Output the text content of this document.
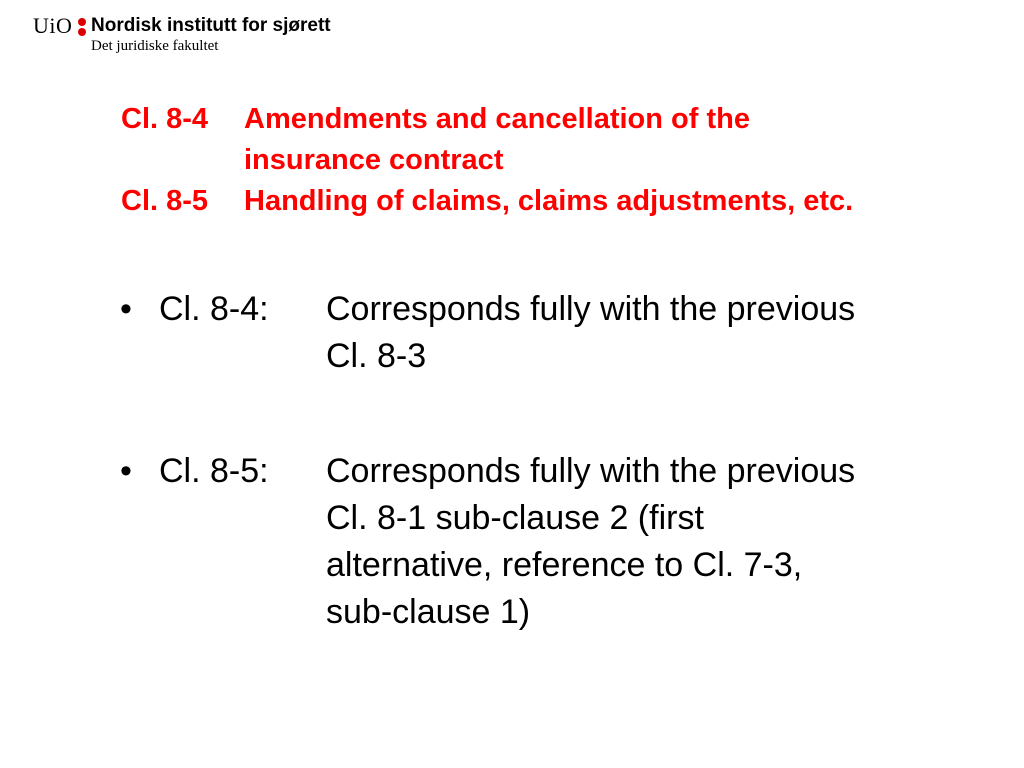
UiO Nordisk institutt for sjørett
Det juridiske fakultet
Cl. 8-4 Amendments and cancellation of the
insurance contract
Cl. 8-5 Handling of claims, claims adjustments, etc.
• Cl. 8-4: Corresponds fully with the previous
Cl. 8-3
• Cl. 8-5: Corresponds fully with the previous
Cl. 8-1 sub-clause 2 (first
alternative, reference to Cl. 7-3,
sub-clause 1)
